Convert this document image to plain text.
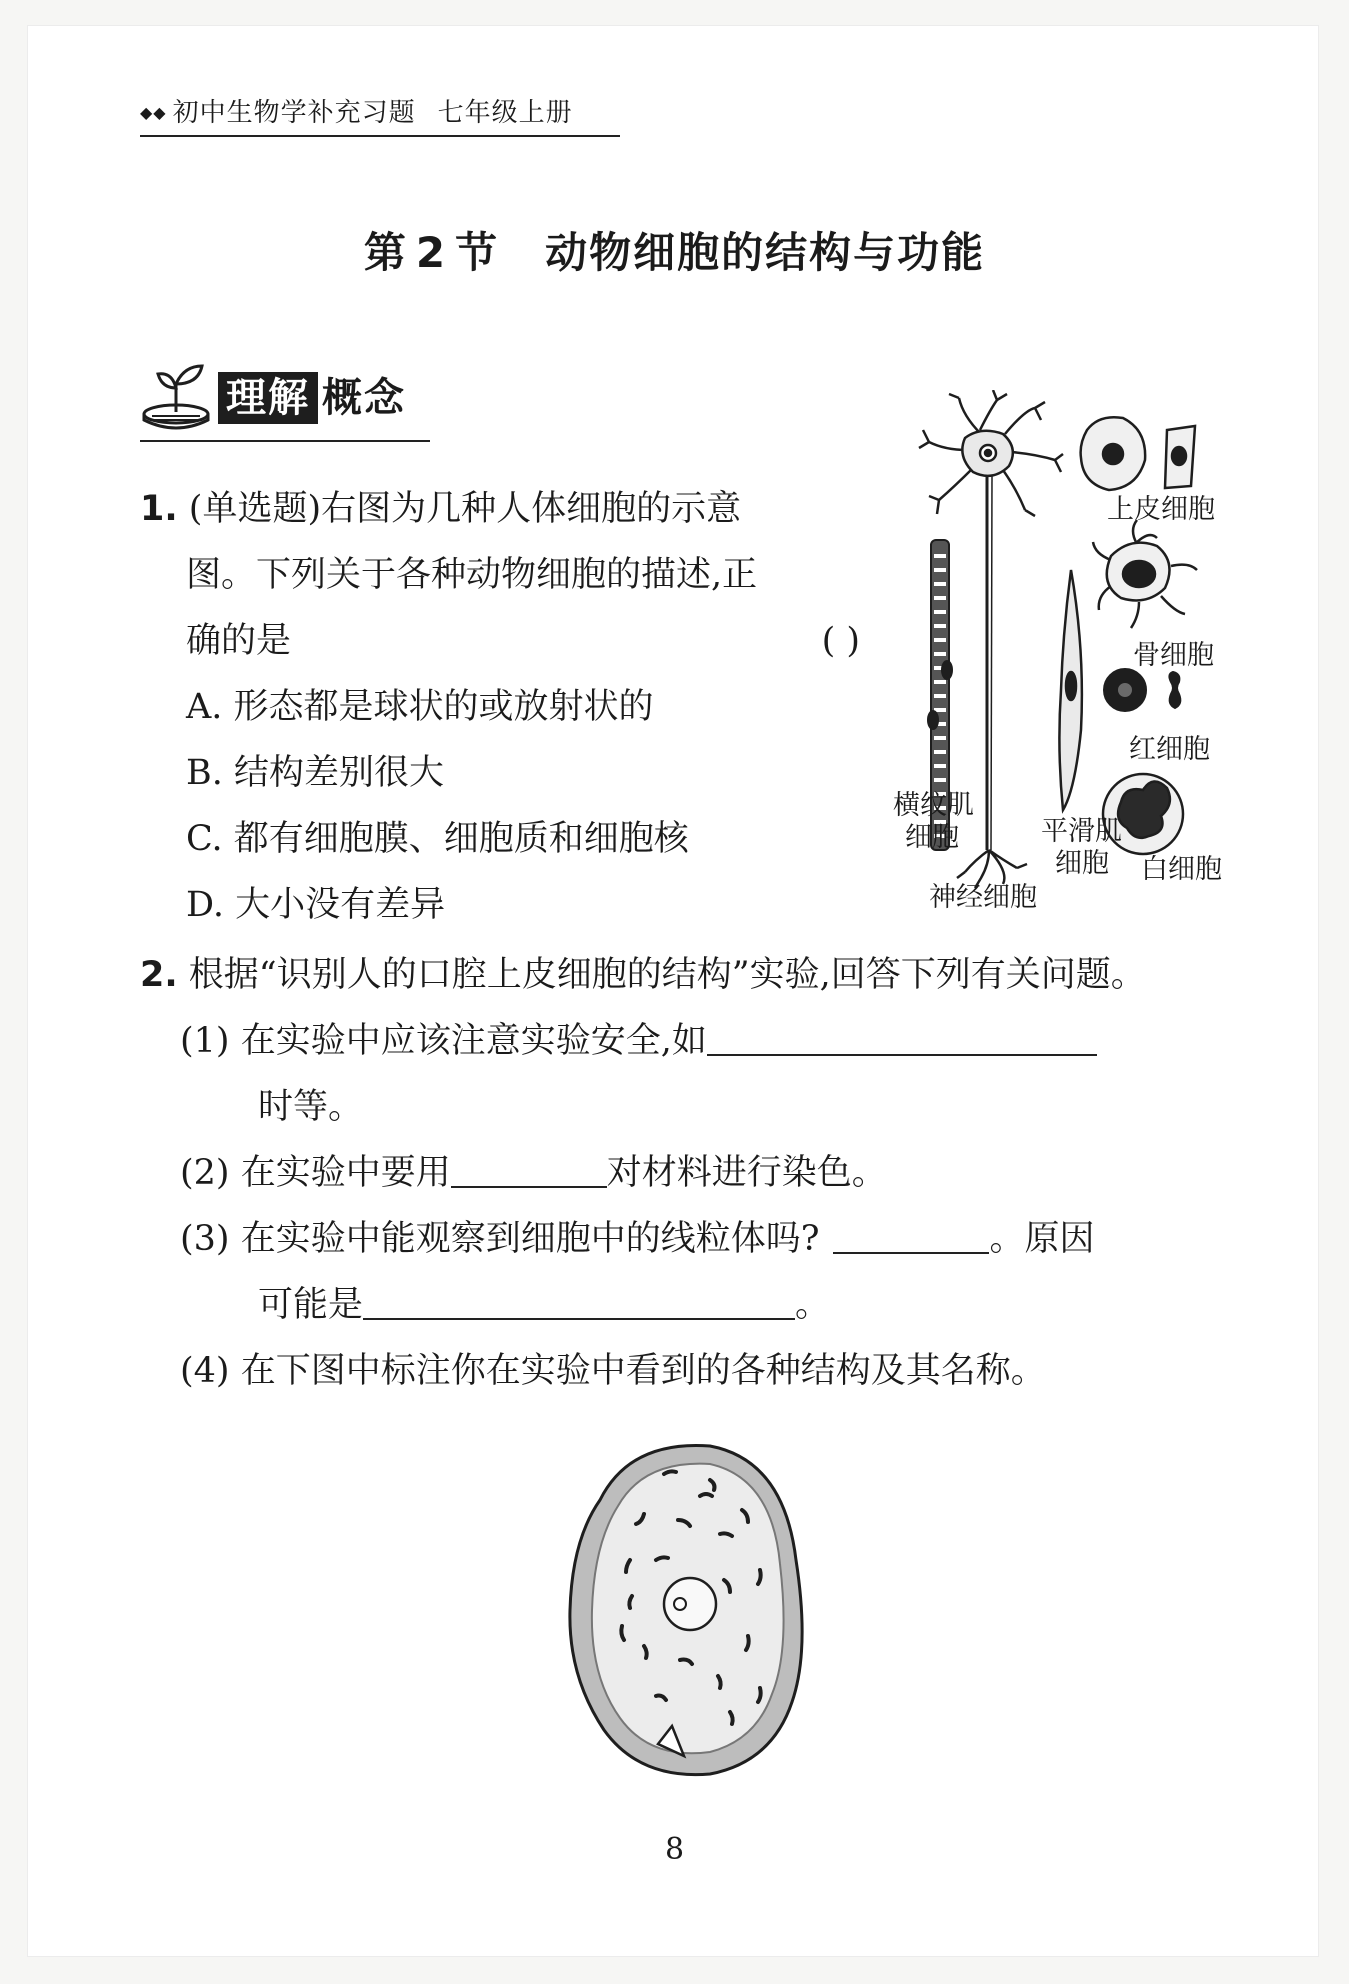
◆◆ 初中生物学补充习题 七年级上册
第 2 节 动物细胞的结构与功能
理解 概念
1. (单选题)右图为几种人体细胞的示意
图。下列关于各种动物细胞的描述,正
确的是	( )
A. 形态都是球状的或放射状的
B. 结构差别很大
C. 都有细胞膜、细胞质和细胞核
D. 大小没有差异
上皮细胞
骨细胞
红细胞
横纹肌
细胞	平滑肌
细胞 白细胞
神经细胞
2. 根据“识别人的口腔上皮细胞的结构”实验,回答下列有关问题。
(1) 在实验中应该注意实验安全,如
时等。
(2) 在实验中要用	对材料进行染色。
(3) 在实验中能观察到细胞中的线粒体吗?	。原因
可能是	。
(4) 在下图中标注你在实验中看到的各种结构及其名称。
8
